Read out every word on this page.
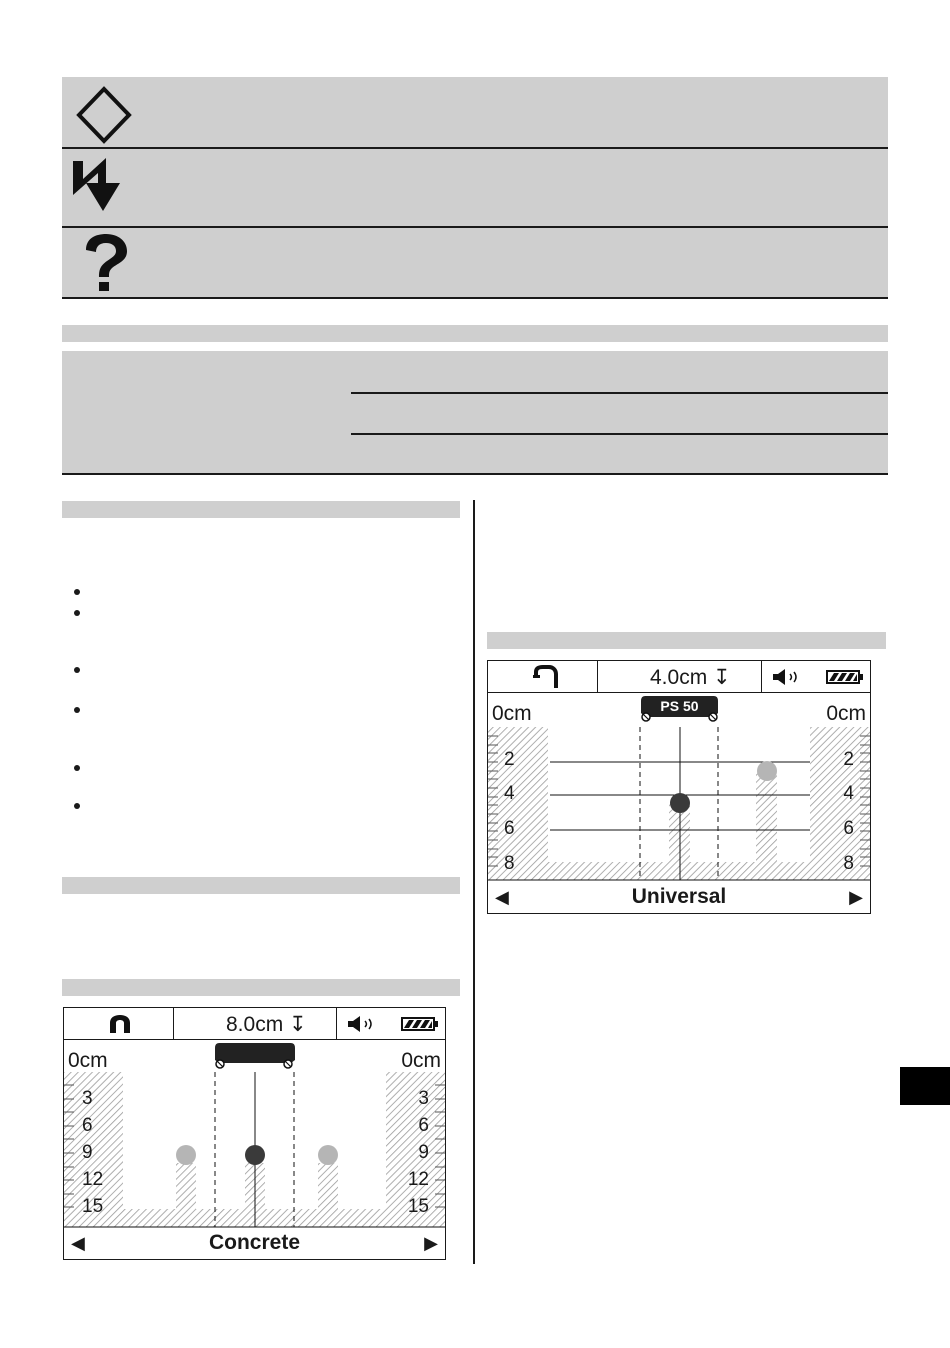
8.0cm ↧
0cm	0cm
3
6
9
12
15
3
6
9
12
15
◀	Concrete	▶
4.0cm ↧
0cm	0cm
PS 50
2
4
6
8
2
4
6
8
◀	Universal	▶
